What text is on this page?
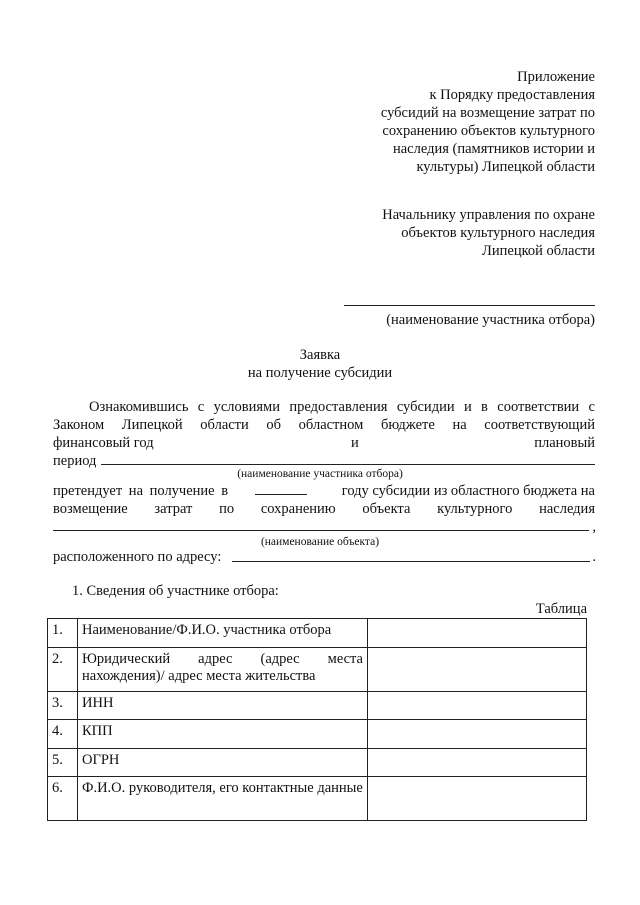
Приложение
к Порядку предоставления
субсидий на возмещение затрат по
сохранению объектов культурного
наследия (памятников истории и
культуры) Липецкой области
Начальнику управления по охране
объектов культурного наследия
Липецкой области
(наименование участника отбора)
Заявка
на получение субсидии
Ознакомившись с условиями предоставления субсидии и в соответствии с
Законом Липецкой области об областном бюджете на соответствующий
финансовый год	и	плановый
период
(наименование участника отбора)
претендует на получение в	году субсидии из областного бюджета на
возмещение затрат по сохранению объекта культурного наследия
,
(наименование объекта)
расположенного по адресу:	.
1. Сведения об участнике отбора:
Таблица
1.	Наименование/Ф.И.О. участника отбора	
2.	Юридический адрес (адрес места нахождения)/ адрес места жительства	
3.	ИНН	
4.	КПП	
5.	ОГРН	
6.	Ф.И.О. руководителя, его контактные данные	
